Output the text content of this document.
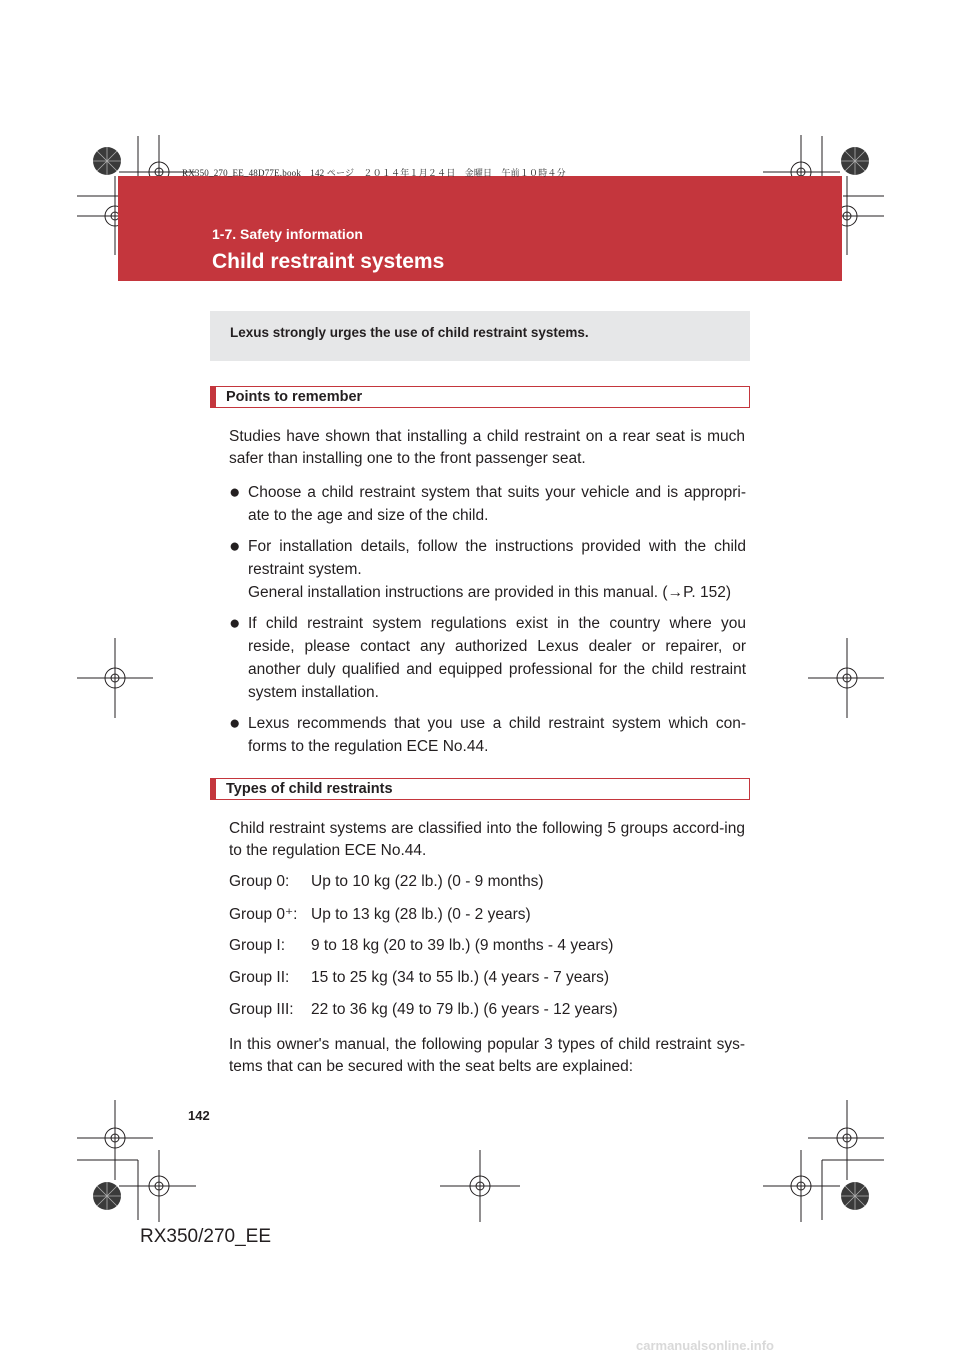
RX350_270_EE_48D77E.book　142 ページ　２０１４年１月２４日　金曜日　午前１０時４分
1-7. Safety information
Child restraint systems
Lexus strongly urges the use of child restraint systems.
Points to remember
Studies have shown that installing a child restraint on a rear seat is much safer than installing one to the front passenger seat.
● Choose a child restraint system that suits your vehicle and is appropri-ate to the age and size of the child.
● For installation details, follow the instructions provided with the child restraint system.
General installation instructions are provided in this manual. (→P. 152)
● If child restraint system regulations exist in the country where you reside, please contact any authorized Lexus dealer or repairer, or another duly qualified and equipped professional for the child restraint system installation.
● Lexus recommends that you use a child restraint system which con-forms to the regulation ECE No.44.
Types of child restraints
Child restraint systems are classified into the following 5 groups accord-ing to the regulation ECE No.44.
Group 0: Up to 10 kg (22 lb.) (0 - 9 months)
Group 0⁺: Up to 13 kg (28 lb.) (0 - 2 years)
Group I: 9 to 18 kg (20 to 39 lb.) (9 months - 4 years)
Group II: 15 to 25 kg (34 to 55 lb.) (4 years - 7 years)
Group III: 22 to 36 kg (49 to 79 lb.) (6 years - 12 years)
In this owner's manual, the following popular 3 types of child restraint sys-tems that can be secured with the seat belts are explained:
142
RX350/270_EE
carmanualsonline.info
